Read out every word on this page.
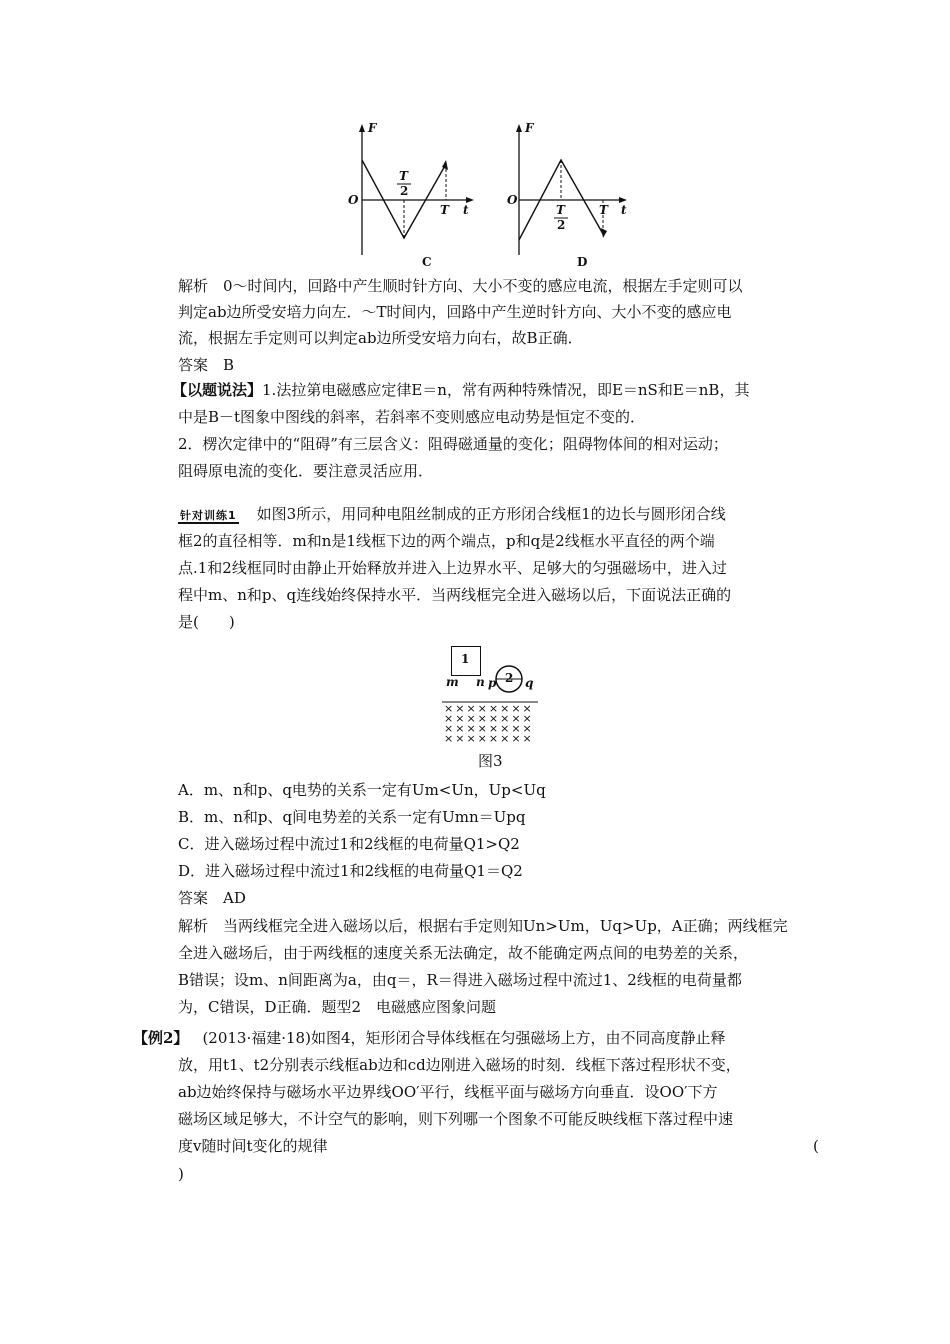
F
t
O
T
2
T
C
F
t
O
T
2
T
D
解析　0～时间内，回路中产生顺时针方向、大小不变的感应电流，根据左手定则可以
判定ab边所受安培力向左．～T时间内，回路中产生逆时针方向、大小不变的感应电
流，根据左手定则可以判定ab边所受安培力向右，故B正确．
答案　B
【以题说法】1.法拉第电磁感应定律E＝n，常有两种特殊情况，即E＝nS和E＝nB，其
中是B－t图象中图线的斜率，若斜率不变则感应电动势是恒定不变的．
2．楞次定律中的“阻碍”有三层含义：阻碍磁通量的变化；阻碍物体间的相对运动；
阻碍原电流的变化．要注意灵活应用．
针对训练1 如图3所示，用同种电阻丝制成的正方形闭合线框1的边长与圆形闭合线
框2的直径相等．m和n是1线框下边的两个端点，p和q是2线框水平直径的两个端
点.1和2线框同时由静止开始释放并进入上边界水平、足够大的匀强磁场中，进入过
程中m、n和p、q连线始终保持水平．当两线框完全进入磁场以后，下面说法正确的
是(　　)
1
2
m n p q
××××××××
××××××××
××××××××
××××××××
图3
A．m、n和p、q电势的关系一定有Um<Un，Up<Uq
B．m、n和p、q间电势差的关系一定有Umn＝Upq
C．进入磁场过程中流过1和2线框的电荷量Q1>Q2
D．进入磁场过程中流过1和2线框的电荷量Q1＝Q2
答案　AD
解析　当两线框完全进入磁场以后，根据右手定则知Un>Um，Uq>Up，A正确；两线框完
全进入磁场后，由于两线框的速度关系无法确定，故不能确定两点间的电势差的关系，
B错误；设m、n间距离为a，由q＝，R＝得进入磁场过程中流过1、2线框的电荷量都
为，C错误，D正确．题型2　电磁感应图象问题
【例2】 (2013·福建·18)如图4，矩形闭合导体线框在匀强磁场上方，由不同高度静止释
放，用t1、t2分别表示线框ab边和cd边刚进入磁场的时刻．线框下落过程形状不变，
ab边始终保持与磁场水平边界线OO′平行，线框平面与磁场方向垂直．设OO′下方
磁场区域足够大，不计空气的影响，则下列哪一个图象不可能反映线框下落过程中速
度v随时间t变化的规律	(
)
